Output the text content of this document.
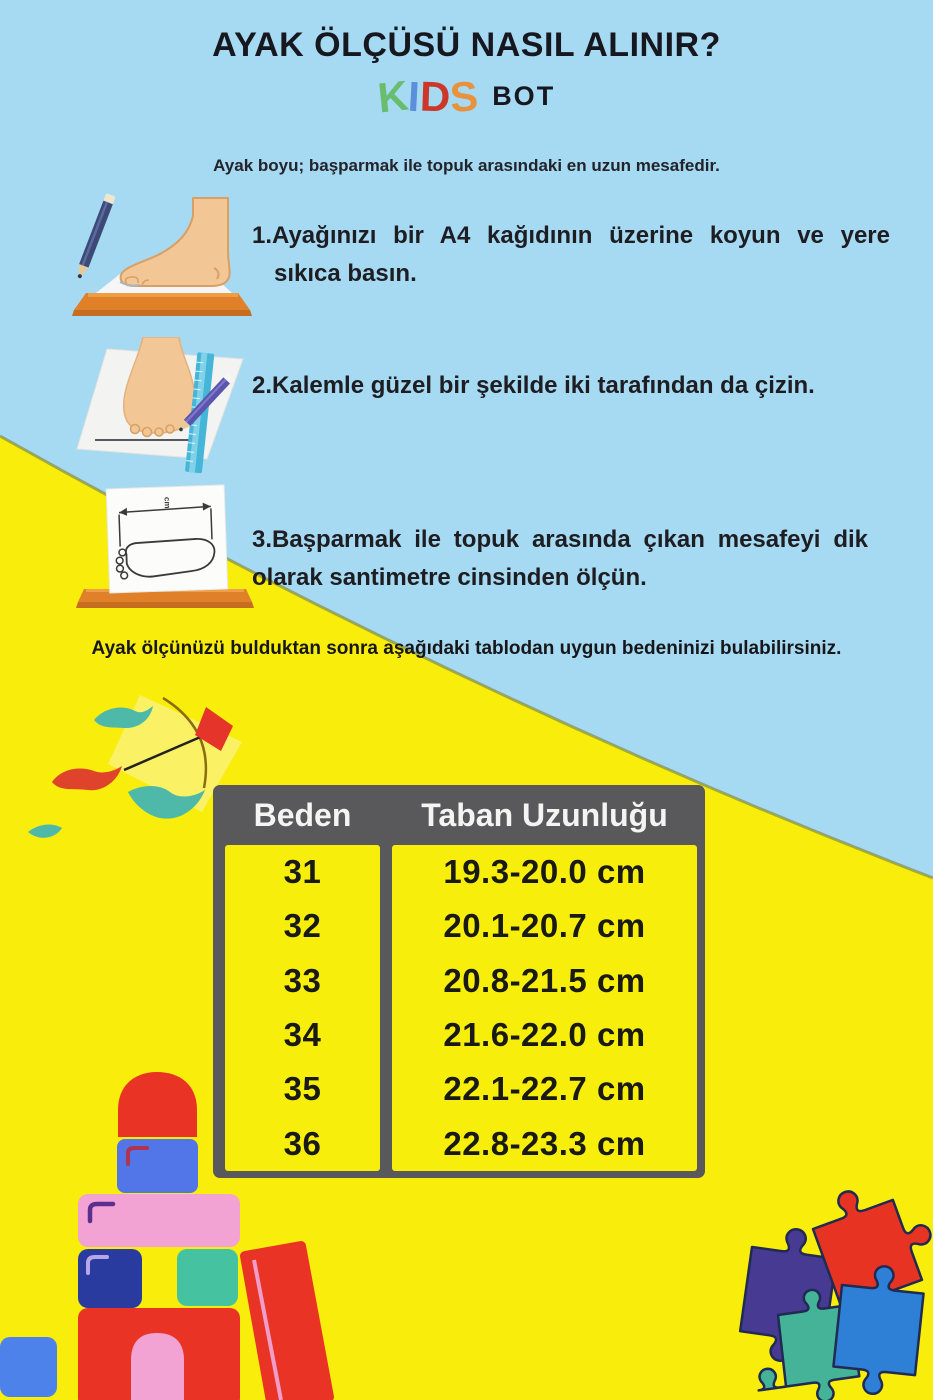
AYAK ÖLÇÜSÜ NASIL ALINIR?
KIDS BOT
Ayak boyu; başparmak ile topuk arasındaki en uzun mesafedir.
cm
1.Ayağınızı bir A4 kağıdının üzerine koyun ve yere sıkıca basın.
2.Kalemle güzel bir şekilde iki tarafından da çizin.
3.Başparmak ile topuk arasında çıkan mesafeyi dik olarak santimetre cinsinden ölçün.
Ayak ölçünüzü bulduktan sonra aşağıdaki tablodan uygun bedeninizi bulabilirsiniz.
Beden	Taban Uzunluğu
31
32
33
34
35
36
19.3-20.0 cm
20.1-20.7 cm
20.8-21.5 cm
21.6-22.0 cm
22.1-22.7 cm
22.8-23.3 cm
